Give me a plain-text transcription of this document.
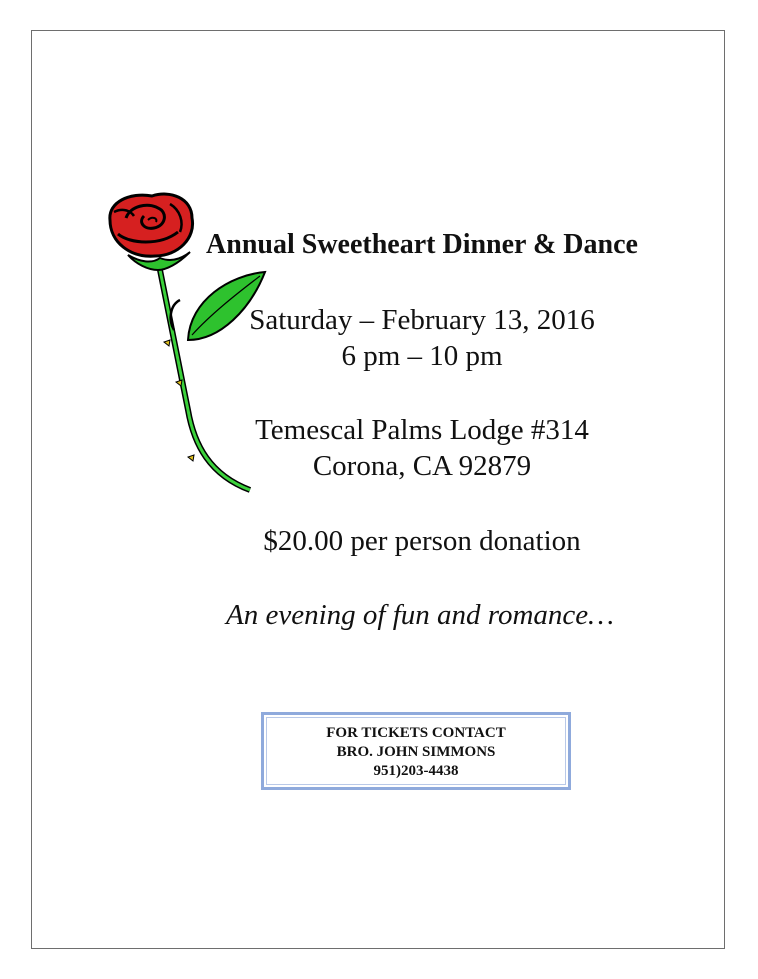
Annual Sweetheart Dinner & Dance
Saturday – February 13, 2016
6 pm – 10 pm
Temescal Palms Lodge #314
Corona, CA 92879
$20.00 per person donation
An evening of fun and romance…
FOR TICKETS CONTACT
BRO. JOHN SIMMONS
951)203-4438
